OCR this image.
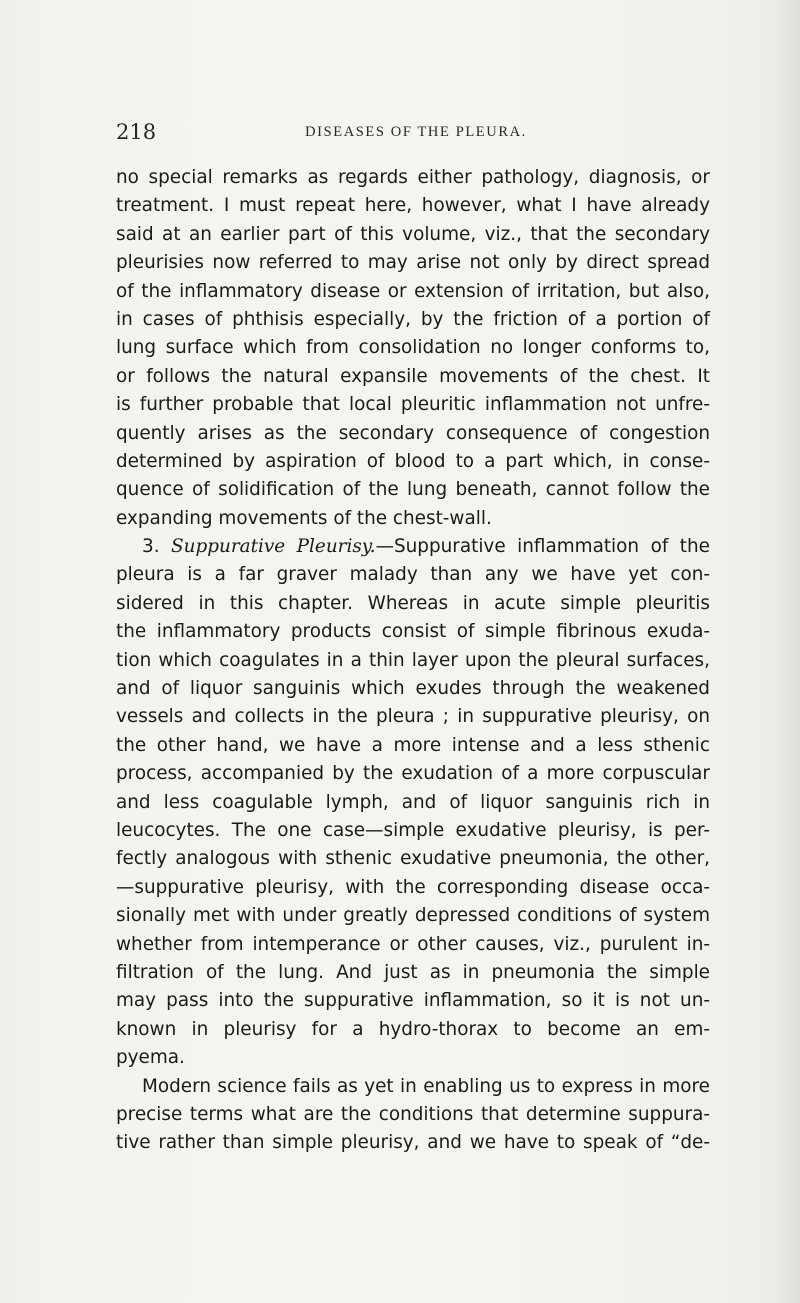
218	DISEASES OF THE PLEURA.
no special remarks as regards either pathology, diagnosis, or
treatment. I must repeat here, however, what I have already
said at an earlier part of this volume, viz., that the secondary
pleurisies now referred to may arise not only by direct spread
of the inflammatory disease or extension of irritation, but also,
in cases of phthisis especially, by the friction of a portion of
lung surface which from consolidation no longer conforms to,
or follows the natural expansile movements of the chest. It
is further probable that local pleuritic inflammation not unfre-
quently arises as the secondary consequence of congestion
determined by aspiration of blood to a part which, in conse-
quence of solidification of the lung beneath, cannot follow the
expanding movements of the chest-wall.
3. Suppurative Pleurisy.—Suppurative inflammation of the
pleura is a far graver malady than any we have yet con-
sidered in this chapter. Whereas in acute simple pleuritis
the inflammatory products consist of simple fibrinous exuda-
tion which coagulates in a thin layer upon the pleural surfaces,
and of liquor sanguinis which exudes through the weakened
vessels and collects in the pleura ; in suppurative pleurisy, on
the other hand, we have a more intense and a less sthenic
process, accompanied by the exudation of a more corpuscular
and less coagulable lymph, and of liquor sanguinis rich in
leucocytes. The one case—simple exudative pleurisy, is per-
fectly analogous with sthenic exudative pneumonia, the other,
—suppurative pleurisy, with the corresponding disease occa-
sionally met with under greatly depressed conditions of system
whether from intemperance or other causes, viz., purulent in-
filtration of the lung. And just as in pneumonia the simple
may pass into the suppurative inflammation, so it is not un-
known in pleurisy for a hydro-thorax to become an em-
pyema.
Modern science fails as yet in enabling us to express in more
precise terms what are the conditions that determine suppura-
tive rather than simple pleurisy, and we have to speak of “de-
